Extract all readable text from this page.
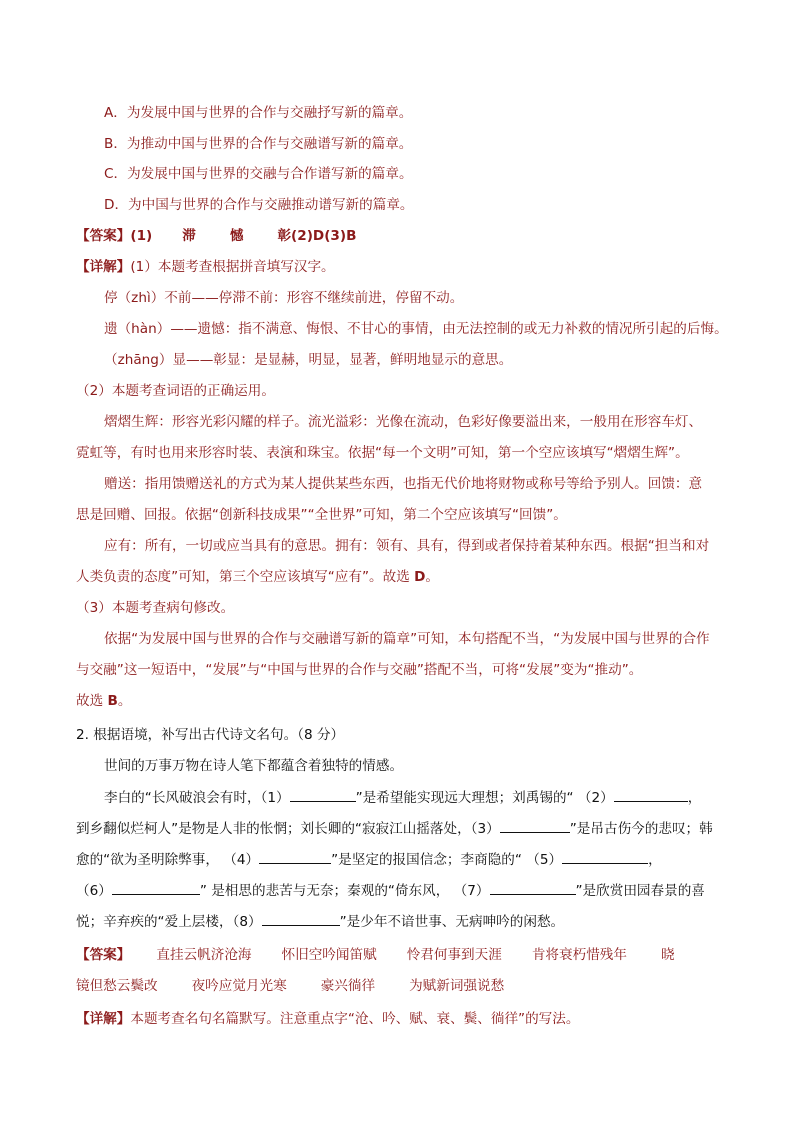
A．为发展中国与世界的合作与交融抒写新的篇章。
B．为推动中国与世界的合作与交融谱写新的篇章。
C．为发展中国与世界的交融与合作谱写新的篇章。
D．为中国与世界的合作与交融推动谱写新的篇章。
【答案】(1) 滞	憾	彰(2)D(3)B
【详解】(1）本题考查根据拼音填写汉字。
停（zhì）不前——停滞不前：形容不继续前进，停留不动。
遗（hàn）——遗憾：指不满意、悔恨、不甘心的事情，由无法控制的或无力补救的情况所引起的后悔。
（zhāng）显——彰显：是显赫，明显，显著，鲜明地显示的意思。
（2）本题考查词语的正确运用。
熠熠生辉：形容光彩闪耀的样子。流光溢彩：光像在流动，色彩好像要溢出来，一般用在形容车灯、
霓虹等，有时也用来形容时装、表演和珠宝。依据“每一个文明”可知，第一个空应该填写“熠熠生辉”。
赠送：指用馈赠送礼的方式为某人提供某些东西，也指无代价地将财物或称号等给予别人。回馈：意
思是回赠、回报。依据“创新科技成果”“全世界”可知，第二个空应该填写“回馈”。
应有：所有，一切或应当具有的意思。拥有：领有、具有，得到或者保持着某种东西。根据“担当和对
人类负责的态度”可知，第三个空应该填写“应有”。故选 D。
（3）本题考查病句修改。
依据“为发展中国与世界的合作与交融谱写新的篇章”可知，本句搭配不当，“为发展中国与世界的合作
与交融”这一短语中，“发展”与“中国与世界的合作与交融”搭配不当，可将“发展”变为“推动”。
故选 B。
2. 根据语境，补写出古代诗文名句。（8 分）
世间的万事万物在诗人笔下都蕴含着独特的情感。
李白的“长风破浪会有时，（1）	”是希望能实现远大理想；刘禹锡的“ （2）	，
到乡翻似烂柯人”是物是人非的怅惘；刘长卿的“寂寂江山摇落处，（3）	”是吊古伤今的悲叹；韩
愈的“欲为圣明除弊事， （4）	”是坚定的报国信念；李商隐的“ （5）	，
（6）	” 是相思的悲苦与无奈；秦观的“倚东风， （7）	”是欣赏田园春景的喜
悦；辛弃疾的“爱上层楼，（8）	”是少年不谙世事、无病呻吟的闲愁。
【答案】 直挂云帆济沧海 怀旧空吟闻笛赋 怜君何事到天涯 肯将衰朽惜残年	晓
镜但愁云鬓改	夜吟应觉月光寒	豪兴徜徉	为赋新词强说愁
【详解】本题考查名句名篇默写。注意重点字“沧、吟、赋、衰、鬓、徜徉”的写法。
